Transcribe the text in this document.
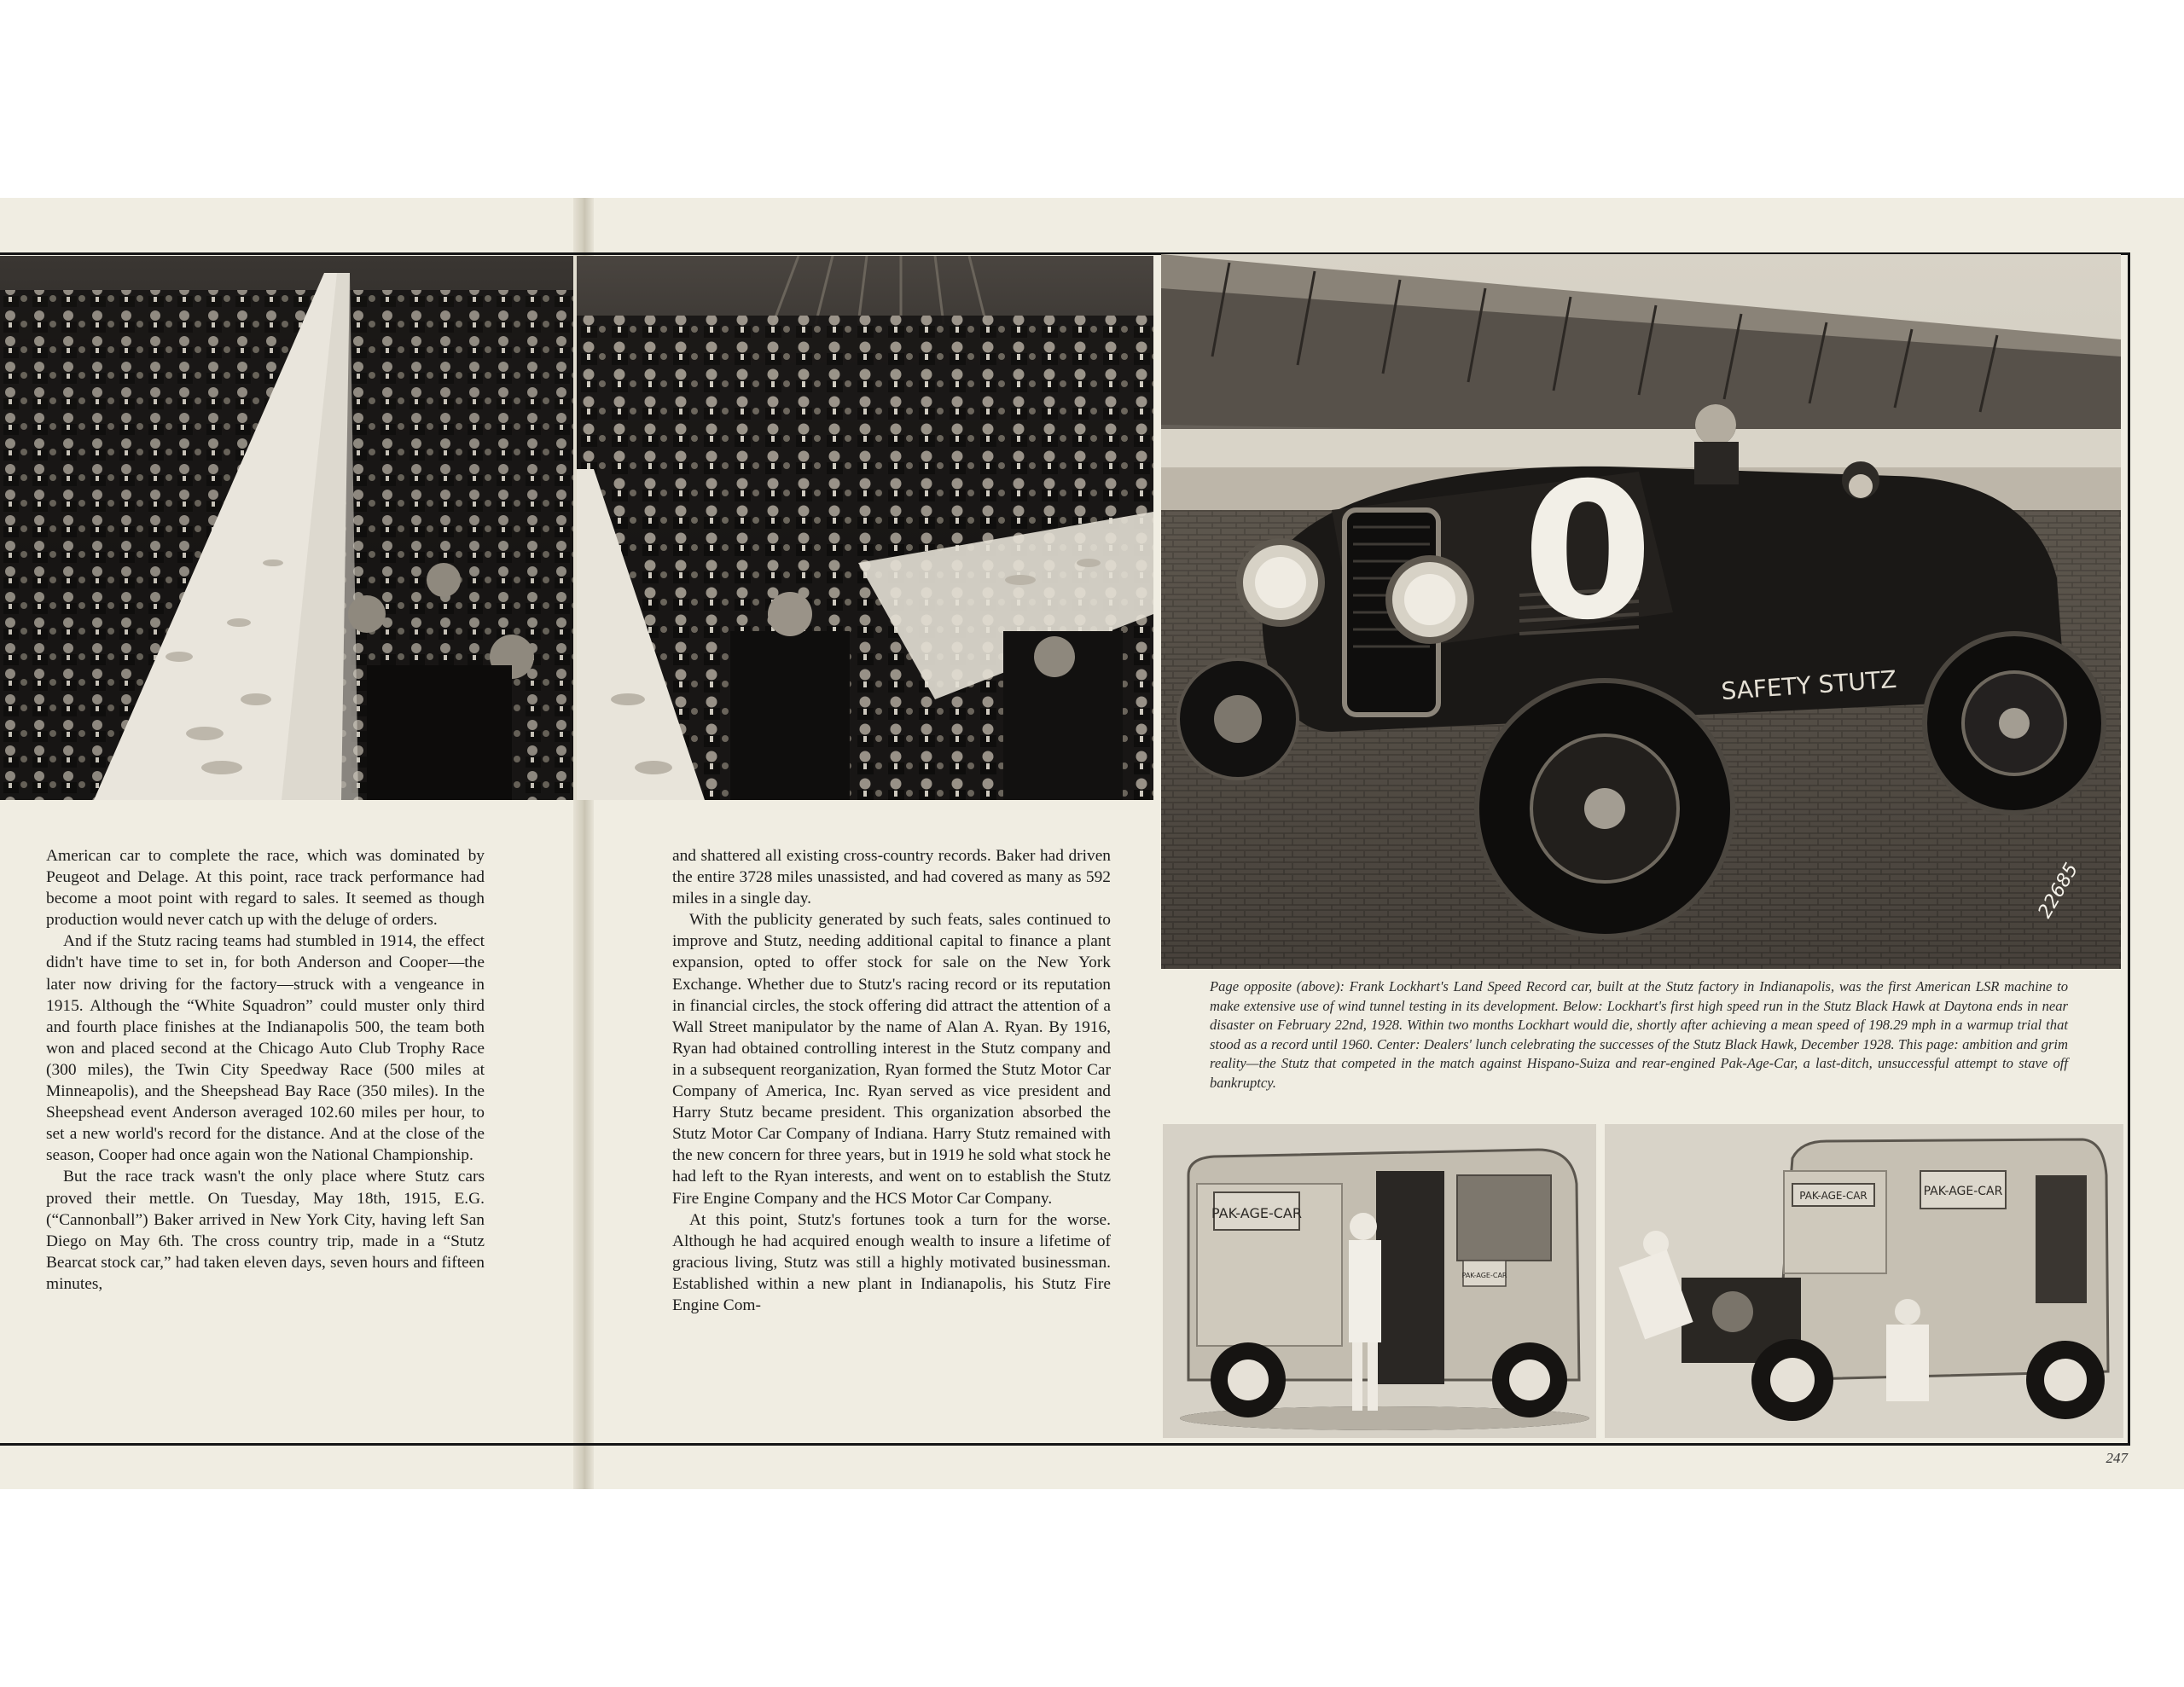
0
SAFETY STUTZ
22685
PAK-AGE-CAR
PAK-AGE-CAR
PAK-AGE-CAR	PAK-AGE-CAR

American car to complete the race, which was dominated by Peugeot and Delage. At this point, race track performance had become a moot point with regard to sales. It seemed as though production would never catch up with the deluge of orders.

And if the Stutz racing teams had stumbled in 1914, the effect didn't have time to set in, for both Anderson and Cooper—the later now driving for the factory—struck with a vengeance in 1915. Although the “White Squadron” could muster only third and fourth place finishes at the Indianapolis 500, the team both won and placed second at the Chicago Auto Club Trophy Race (300 miles), the Twin City Speedway Race (500 miles at Minneapolis), and the Sheepshead Bay Race (350 miles). In the Sheepshead event Anderson averaged 102.60 miles per hour, to set a new world's record for the distance. And at the close of the season, Cooper had once again won the National Championship.

But the race track wasn't the only place where Stutz cars proved their mettle. On Tuesday, May 18th, 1915, E.G. (“Cannonball”) Baker arrived in New York City, having left San Diego on May 6th. The cross country trip, made in a “Stutz Bearcat stock car,” had taken eleven days, seven hours and fifteen minutes,

and shattered all existing cross-country records. Baker had driven the entire 3728 miles unassisted, and had covered as many as 592 miles in a single day.

With the publicity generated by such feats, sales continued to improve and Stutz, needing additional capital to finance a plant expansion, opted to offer stock for sale on the New York Exchange. Whether due to Stutz's racing record or its reputation in financial circles, the stock offering did attract the attention of a Wall Street manipulator by the name of Alan A. Ryan. By 1916, Ryan had obtained controlling interest in the Stutz company and in a subsequent reorganization, Ryan formed the Stutz Motor Car Company of America, Inc. Ryan served as vice president and Harry Stutz became president. This organization absorbed the Stutz Motor Car Company of Indiana. Harry Stutz remained with the new concern for three years, but in 1919 he sold what stock he had left to the Ryan interests, and went on to establish the Stutz Fire Engine Company and the HCS Motor Car Company.

At this point, Stutz's fortunes took a turn for the worse. Although he had acquired enough wealth to insure a lifetime of gracious living, Stutz was still a highly motivated businessman. Established within a new plant in Indianapolis, his Stutz Fire Engine Com-

Page opposite (above): Frank Lockhart's Land Speed Record car, built at the Stutz factory in Indianapolis, was the first American LSR machine to make extensive use of wind tunnel testing in its development. Below: Lockhart's first high speed run in the Stutz Black Hawk at Daytona ends in near disaster on February 22nd, 1928. Within two months Lockhart would die, shortly after achieving a mean speed of 198.29 mph in a warmup trial that stood as a record until 1960. Center: Dealers' lunch celebrating the successes of the Stutz Black Hawk, December 1928. This page: ambition and grim reality—the Stutz that competed in the match against Hispano-Suiza and rear-engined Pak-Age-Car, a last-ditch, unsuccessful attempt to stave off bankruptcy.

247
